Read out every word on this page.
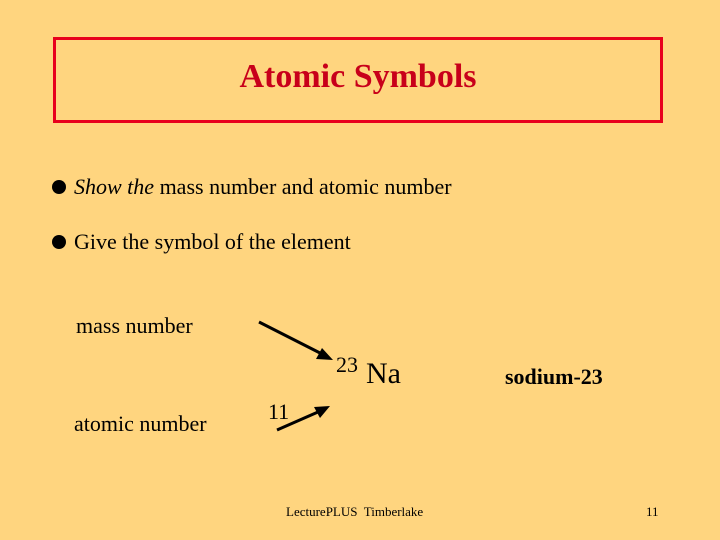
Atomic Symbols
Show the mass number and atomic number
Give the symbol of the element
mass number
atomic number
23 Na
11
sodium-23
LecturePLUS  Timberlake	11
